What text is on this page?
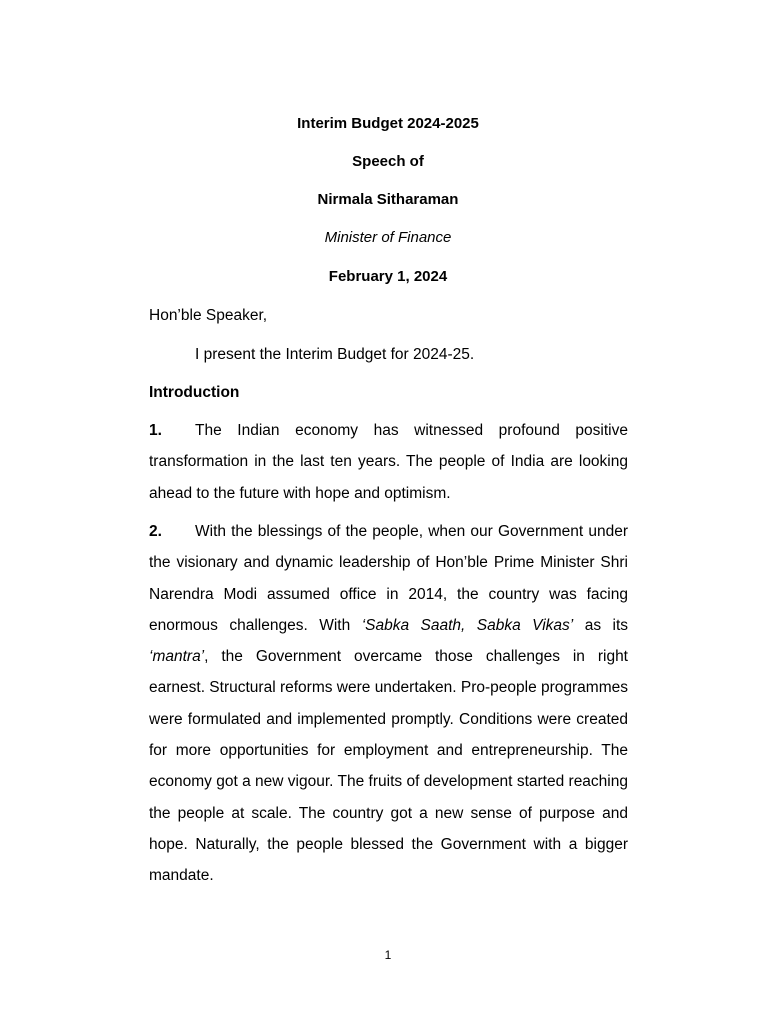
Interim Budget 2024-2025
Speech of
Nirmala Sitharaman
Minister of Finance
February 1, 2024
Hon’ble Speaker,
I present the Interim Budget for 2024-25.
Introduction

1. The Indian economy has witnessed profound positive transformation in the last ten years. The people of India are looking ahead to the future with hope and optimism.

2. With the blessings of the people, when our Government under the visionary and dynamic leadership of Hon’ble Prime Minister Shri Narendra Modi assumed office in 2014, the country was facing enormous challenges. With ‘Sabka Saath, Sabka Vikas’ as its ‘mantra’, the Government overcame those challenges in right earnest. Structural reforms were undertaken. Pro-people programmes were formulated and implemented promptly. Conditions were created for more opportunities for employment and entrepreneurship. The economy got a new vigour. The fruits of development started reaching the people at scale. The country got a new sense of purpose and hope. Naturally, the people blessed the Government with a bigger mandate.

1
